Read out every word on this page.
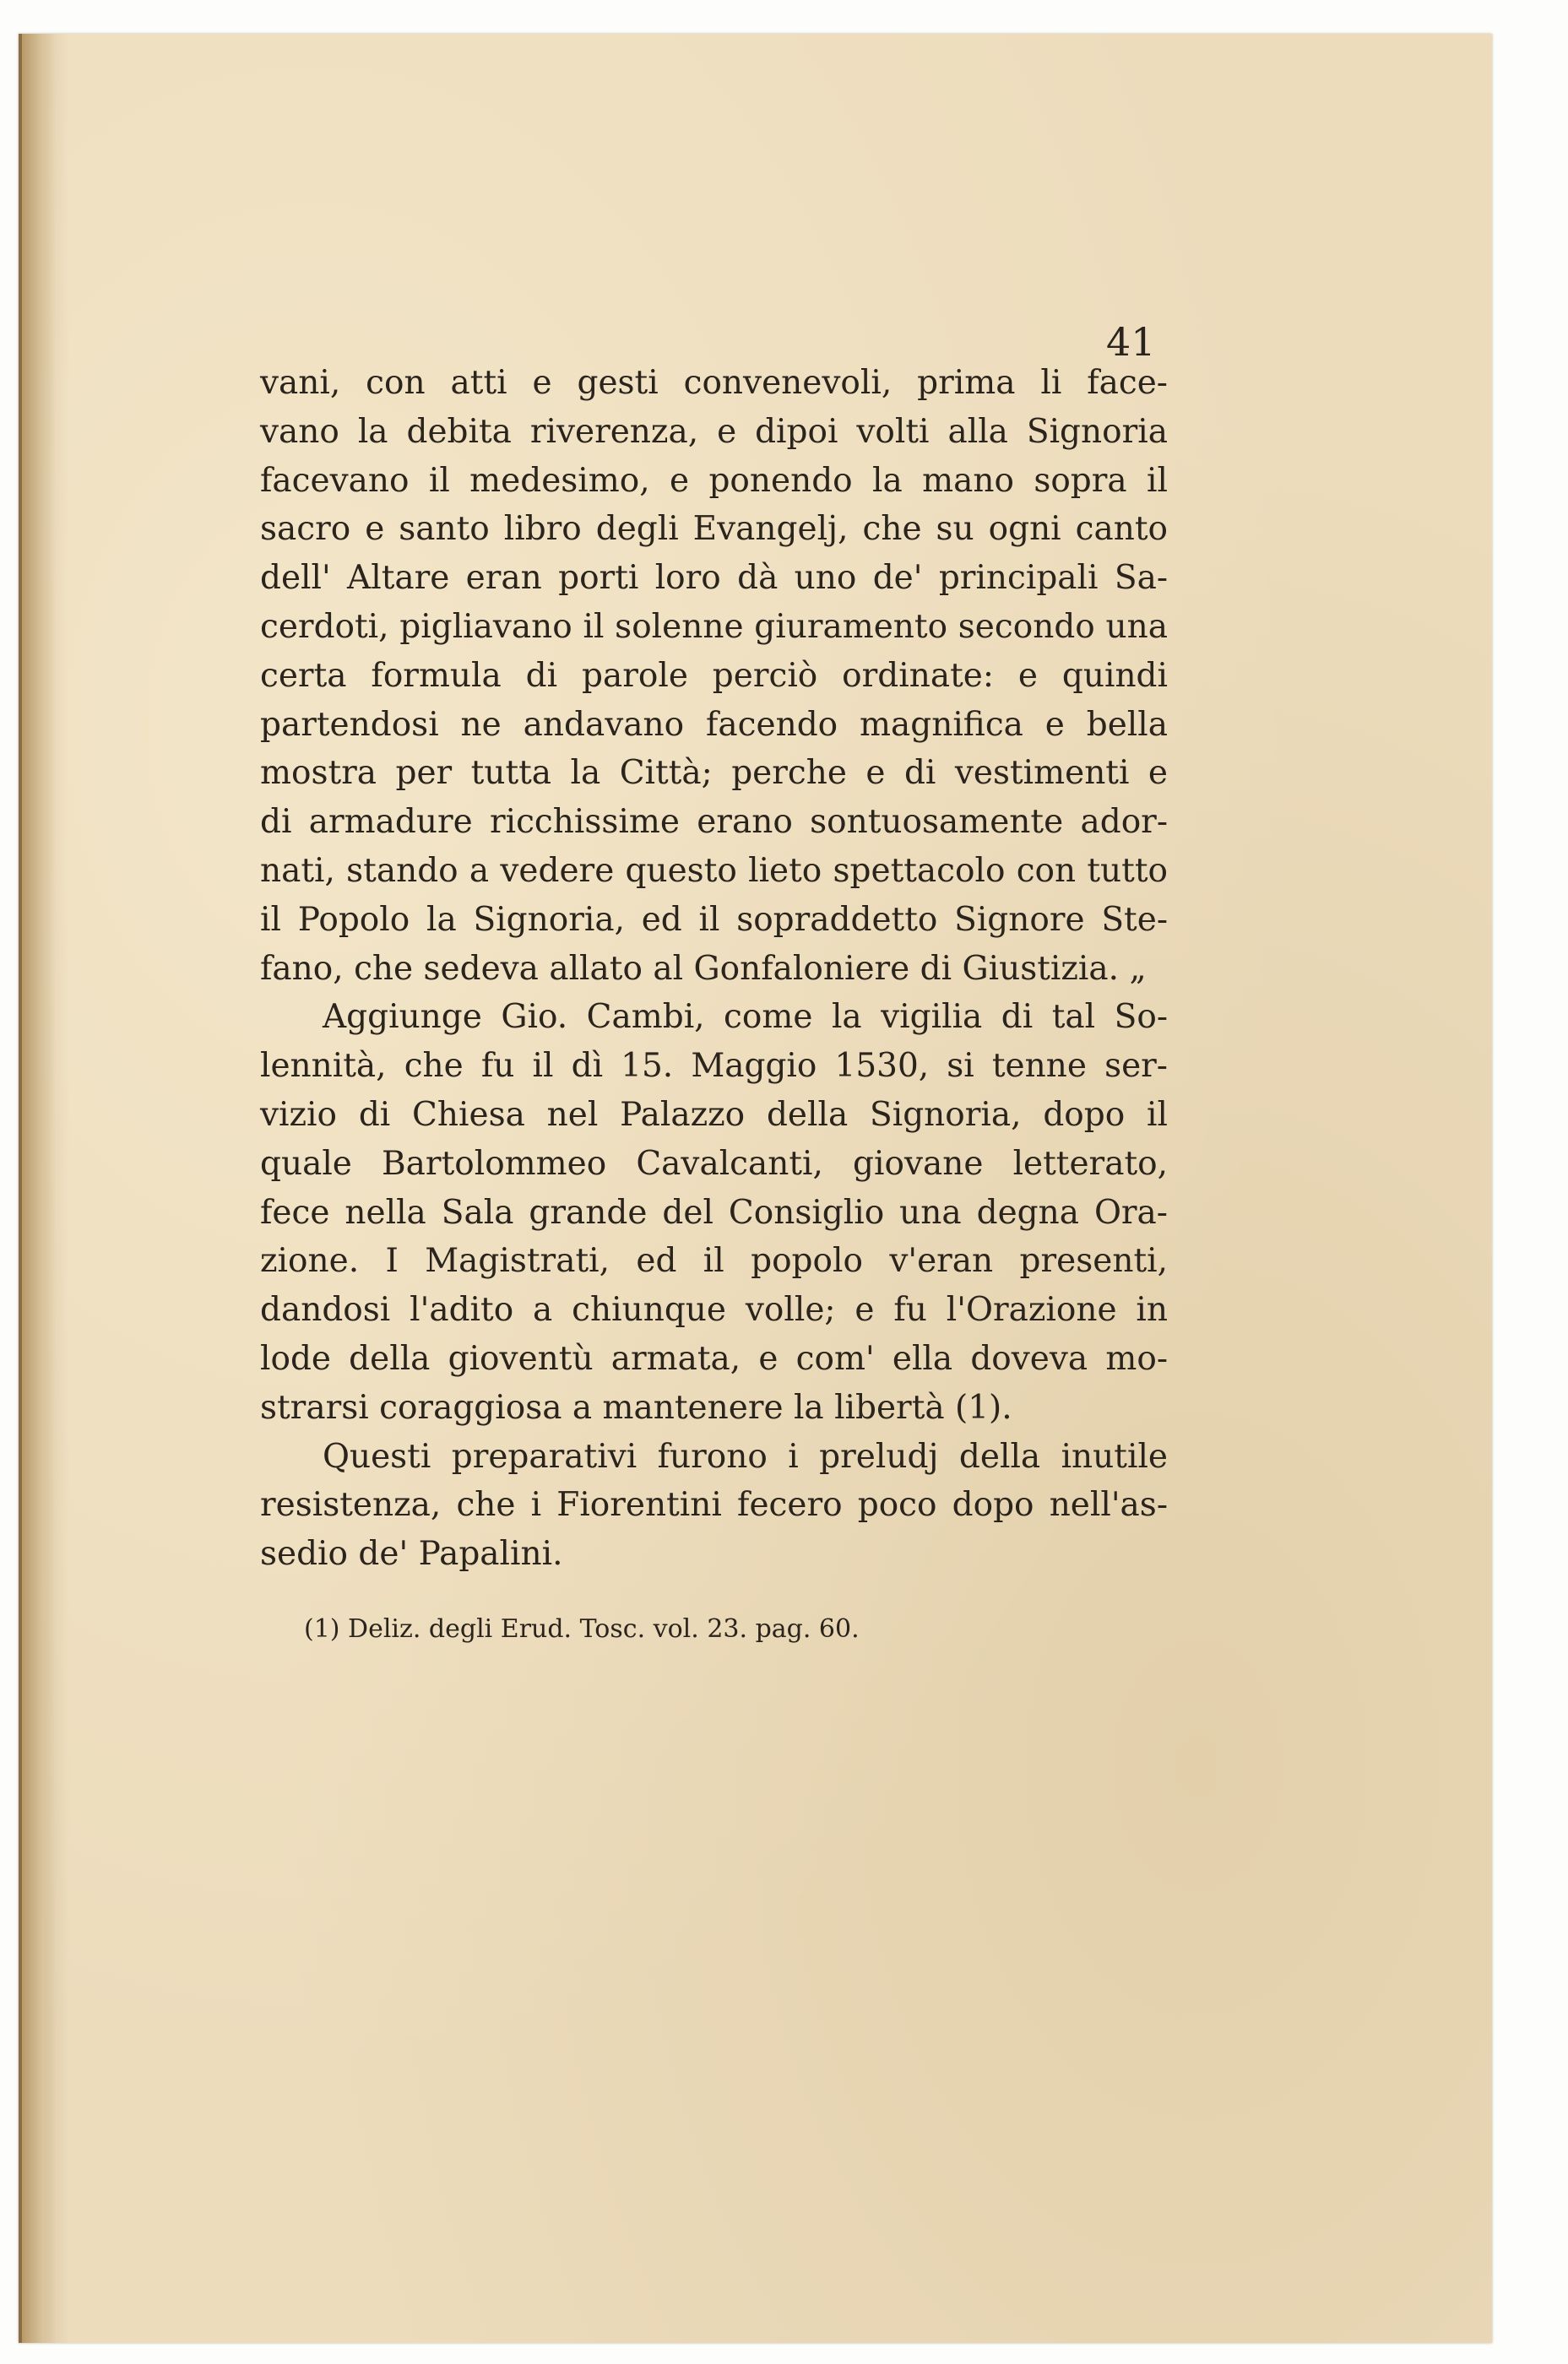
41
vani, con atti e gesti convenevoli, prima li face-
vano la debita riverenza, e dipoi volti alla Signoria
facevano il medesimo, e ponendo la mano sopra il
sacro e santo libro degli Evangelj, che su ogni canto
dell' Altare eran porti loro dà uno de' principali Sa-
cerdoti, pigliavano il solenne giuramento secondo una
certa formula di parole perciò ordinate: e quindi
partendosi ne andavano facendo magnifica e bella
mostra per tutta la Città; perche e di vestimenti e
di armadure ricchissime erano sontuosamente ador-
nati, stando a vedere questo lieto spettacolo con tutto
il Popolo la Signoria, ed il sopraddetto Signore Ste-
fano, che sedeva allato al Gonfaloniere di Giustizia. „
Aggiunge Gio. Cambi, come la vigilia di tal So-
lennità, che fu il dì 15. Maggio 1530, si tenne ser-
vizio di Chiesa nel Palazzo della Signoria, dopo il
quale Bartolommeo Cavalcanti, giovane letterato,
fece nella Sala grande del Consiglio una degna Ora-
zione. I Magistrati, ed il popolo v'eran presenti,
dandosi l'adito a chiunque volle; e fu l'Orazione in
lode della gioventù armata, e com' ella doveva mo-
strarsi coraggiosa a mantenere la libertà (1).
Questi preparativi furono i preludj della inutile
resistenza, che i Fiorentini fecero poco dopo nell'as-
sedio de' Papalini.
(1) Deliz. degli Erud. Tosc. vol. 23. pag. 60.
